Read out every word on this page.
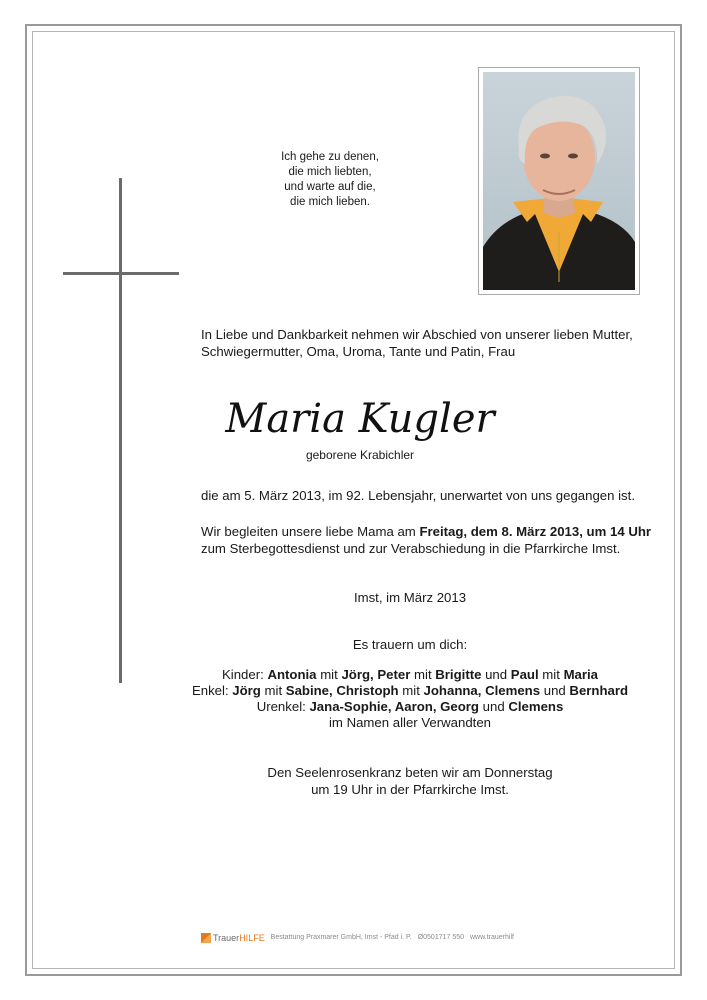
Ich gehe zu denen,
die mich liebten,
und warte auf die,
die mich lieben.
In Liebe und Dankbarkeit nehmen wir Abschied von unserer lieben Mutter,
Schwiegermutter, Oma, Uroma, Tante und Patin, Frau
Maria Kugler
geborene Krabichler
die am 5. März 2013, im 92. Lebensjahr, unerwartet von uns gegangen ist.
Wir begleiten unsere liebe Mama am Freitag, dem 8. März 2013, um 14 Uhr
zum Sterbegottesdienst und zur Verabschiedung in die Pfarrkirche Imst.
Imst, im März 2013
Es trauern um dich:
Kinder: Antonia mit Jörg, Peter mit Brigitte und Paul mit Maria
Enkel: Jörg mit Sabine, Christoph mit Johanna, Clemens und Bernhard
Urenkel: Jana-Sophie, Aaron, Georg und Clemens
im Namen aller Verwandten
Den Seelenrosenkranz beten wir am Donnerstag
um 19 Uhr in der Pfarrkirche Imst.
TrauerHILFE Bestattung Praxmarer GmbH, Imst - Pfad i. P. Ø0501717 550 www.trauerhilf
